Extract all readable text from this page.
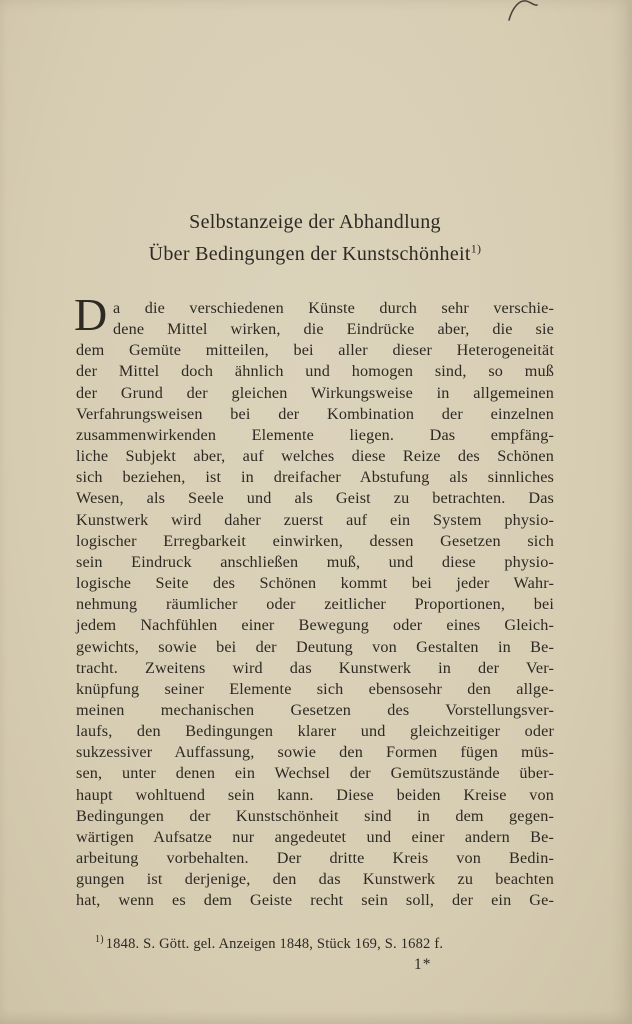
Selbstanzeige der Abhandlung
Über Bedingungen der Kunstschönheit$^{1)}$
D a die verschiedenen Künste durch sehr verschie-
dene Mittel wirken, die Eindrücke aber, die sie
dem Gemüte mitteilen, bei aller dieser Heterogeneität
der Mittel doch ähnlich und homogen sind, so muß
der Grund der gleichen Wirkungsweise in allgemeinen
Verfahrungsweisen bei der Kombination der einzelnen
zusammenwirkenden Elemente liegen. Das empfäng-
liche Subjekt aber, auf welches diese Reize des Schönen
sich beziehen, ist in dreifacher Abstufung als sinnliches
Wesen, als Seele und als Geist zu betrachten. Das
Kunstwerk wird daher zuerst auf ein System physio-
logischer Erregbarkeit einwirken, dessen Gesetzen sich
sein Eindruck anschließen muß, und diese physio-
logische Seite des Schönen kommt bei jeder Wahr-
nehmung räumlicher oder zeitlicher Proportionen, bei
jedem Nachfühlen einer Bewegung oder eines Gleich-
gewichts, sowie bei der Deutung von Gestalten in Be-
tracht. Zweitens wird das Kunstwerk in der Ver-
knüpfung seiner Elemente sich ebensosehr den allge-
meinen mechanischen Gesetzen des Vorstellungsver-
laufs, den Bedingungen klarer und gleichzeitiger oder
sukzessiver Auffassung, sowie den Formen fügen müs-
sen, unter denen ein Wechsel der Gemütszustände über-
haupt wohltuend sein kann. Diese beiden Kreise von
Bedingungen der Kunstschönheit sind in dem gegen-
wärtigen Aufsatze nur angedeutet und einer andern Be-
arbeitung vorbehalten. Der dritte Kreis von Bedin-
gungen ist derjenige, den das Kunstwerk zu beachten
hat, wenn es dem Geiste recht sein soll, der ein Ge-
$^{1)}$ 1848. S. Gött. gel. Anzeigen 1848, Stück 169, S. 1682 f.
1*
